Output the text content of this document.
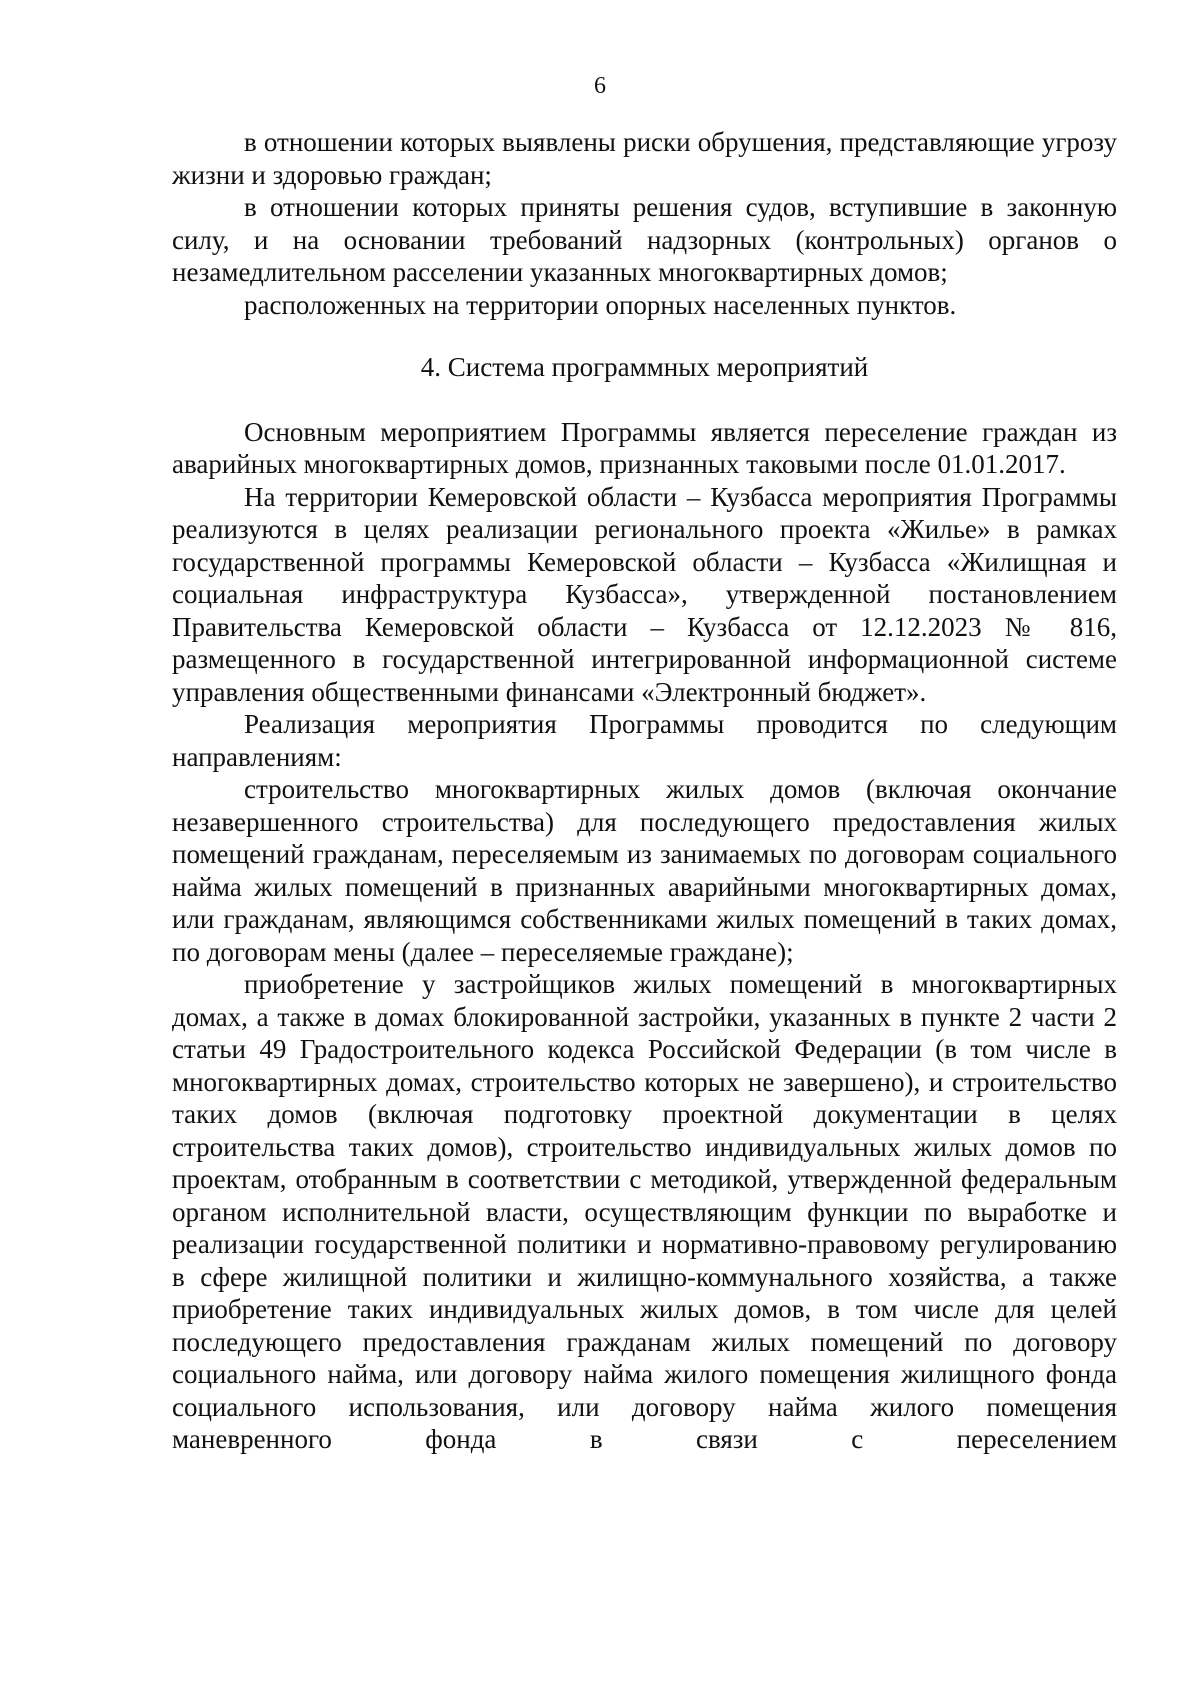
6

в отношении которых выявлены риски обрушения, представляющие угрозу жизни и здоровью граждан;

в отношении которых приняты решения судов, вступившие в законную силу, и на основании требований надзорных (контрольных) органов о незамедлительном расселении указанных многоквартирных домов;

расположенных на территории опорных населенных пунктов.

4. Система программных мероприятий

Основным мероприятием Программы является переселение граждан из аварийных многоквартирных домов, признанных таковыми после 01.01.2017.

На территории Кемеровской области – Кузбасса мероприятия Программы реализуются в целях реализации регионального проекта «Жилье» в рамках государственной программы Кемеровской области – Кузбасса «Жилищная и социальная инфраструктура Кузбасса», утвержденной постановлением Правительства Кемеровской области – Кузбасса от 12.12.2023 № 816, размещенного в государственной интегрированной информационной системе управления общественными финансами «Электронный бюджет».

Реализация мероприятия Программы проводится по следующим направлениям:

строительство многоквартирных жилых домов (включая окончание незавершенного строительства) для последующего предоставления жилых помещений гражданам, переселяемым из занимаемых по договорам социального найма жилых помещений в признанных аварийными многоквартирных домах, или гражданам, являющимся собственниками жилых помещений в таких домах, по договорам мены (далее – переселяемые граждане);

приобретение у застройщиков жилых помещений в многоквартирных домах, а также в домах блокированной застройки, указанных в пункте 2 части 2 статьи 49 Градостроительного кодекса Российской Федерации (в том числе в многоквартирных домах, строительство которых не завершено), и строительство таких домов (включая подготовку проектной документации в целях строительства таких домов), строительство индивидуальных жилых домов по проектам, отобранным в соответствии с методикой, утвержденной федеральным органом исполнительной власти, осуществляющим функции по выработке и реализации государственной политики и нормативно-правовому регулированию в сфере жилищной политики и жилищно-коммунального хозяйства, а также приобретение таких индивидуальных жилых домов, в том числе для целей последующего предоставления гражданам жилых помещений по договору социального найма, или договору найма жилого помещения жилищного фонда социального использования, или договору найма жилого помещения маневренного фонда в связи с переселением
